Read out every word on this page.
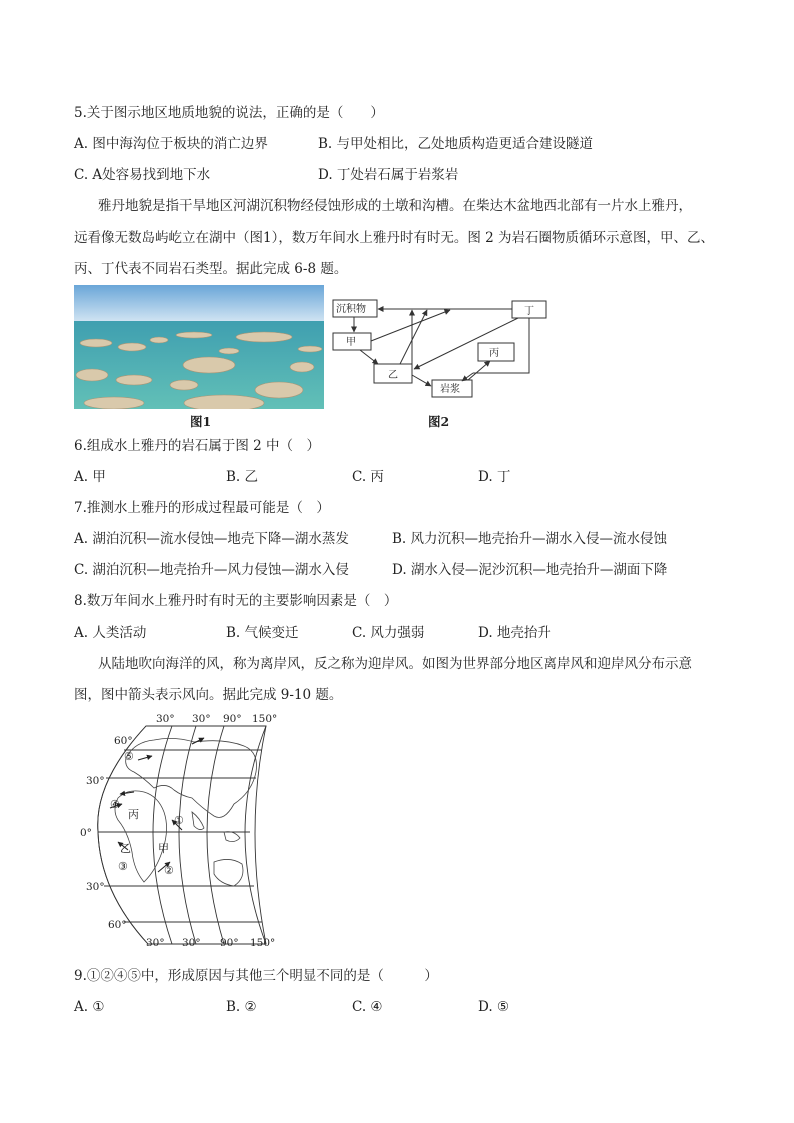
5.关于图示地区地质地貌的说法，正确的是（　　）
A. 图中海沟位于板块的消亡边界	B. 与甲处相比，乙处地质构造更适合建设隧道
C. A处容易找到地下水	D. 丁处岩石属于岩浆岩
雅丹地貌是指干旱地区河湖沉积物经侵蚀形成的土墩和沟槽。在柴达木盆地西北部有一片水上雅丹，
远看像无数岛屿屹立在湖中（图1），数万年间水上雅丹时有时无。图 2 为岩石圈物质循环示意图，甲、乙、
丙、丁代表不同岩石类型。据此完成 6-8 题。
图1
沉积物
甲
乙
岩浆
丙
丁
图2
6.组成水上雅丹的岩石属于图 2 中（　）
A. 甲	B. 乙	C. 丙	D. 丁
7.推测水上雅丹的形成过程最可能是（　）
A. 湖泊沉积—流水侵蚀—地壳下降—湖水蒸发	B. 风力沉积—地壳抬升—湖水入侵—流水侵蚀
C. 湖泊沉积—地壳抬升—风力侵蚀—湖水入侵	D. 湖水入侵—泥沙沉积—地壳抬升—湖面下降
8.数万年间水上雅丹时有时无的主要影响因素是（　）
A. 人类活动	B. 气候变迁	C. 风力强弱	D. 地壳抬升
从陆地吹向海洋的风，称为离岸风，反之称为迎岸风。如图为世界部分地区离岸风和迎岸风分布示意
图，图中箭头表示风向。据此完成 9-10 题。
30° 30° 90° 150°
30° 30° 90° 150°
60°
30°
0°
30°
60°
①
②
③
④
⑤
丙
乙 甲
9.①②④⑤中，形成原因与其他三个明显不同的是（　　　）
A. ①	B. ②	C. ④	D. ⑤
